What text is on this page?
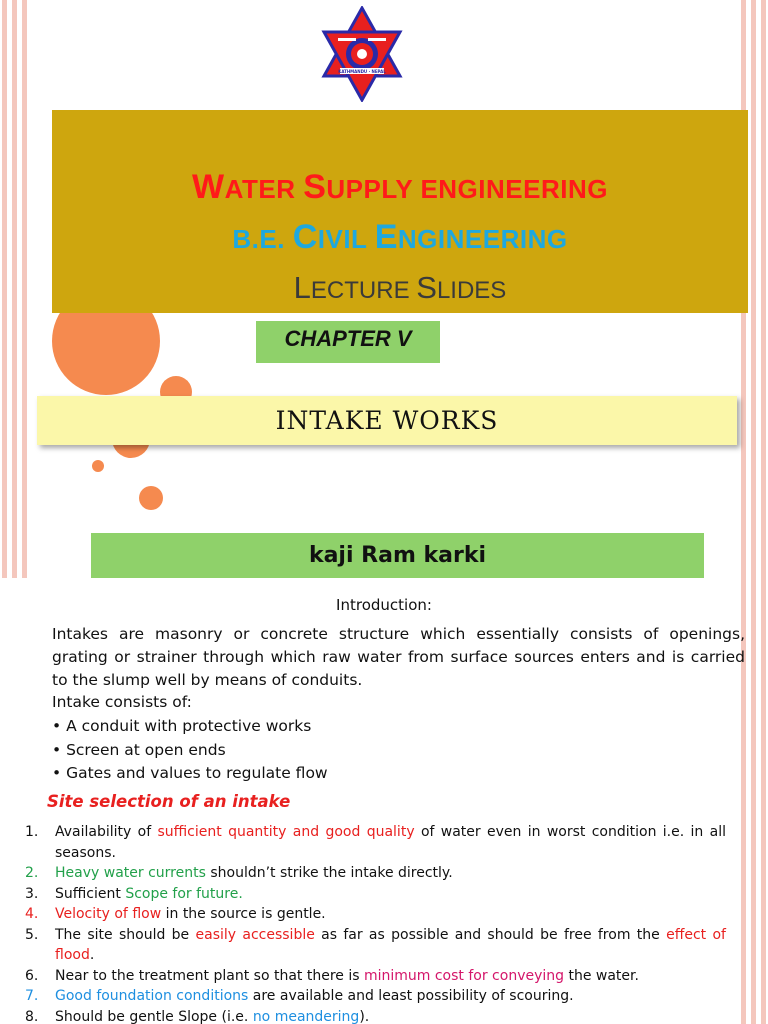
KATHMANDU · NEPAL
WATER SUPPLY ENGINEERING
B.E. CIVIL ENGINEERING
LECTURE SLIDES
CHAPTER V
INTAKE WORKS
kaji Ram karki
Introduction:
Intakes are masonry or concrete structure which essentially consists of openings, grating or strainer through which raw water from surface sources enters and is carried to the slump well by means of conduits.
Intake consists of:
• A conduit with protective works
• Screen at open ends
• Gates and values to regulate flow
Site selection of an intake
1. Availability of sufficient quantity and good quality of water even in worst condition i.e. in all seasons.
2. Heavy water currents shouldn’t strike the intake directly.
3. Sufficient Scope for future.
4. Velocity of flow in the source is gentle.
5. The site should be easily accessible as far as possible and should be free from the effect of flood.
6. Near to the treatment plant so that there is minimum cost for conveying the water.
7. Good foundation conditions are available and least possibility of scouring.
8. Should be gentle Slope (i.e. no meandering).
